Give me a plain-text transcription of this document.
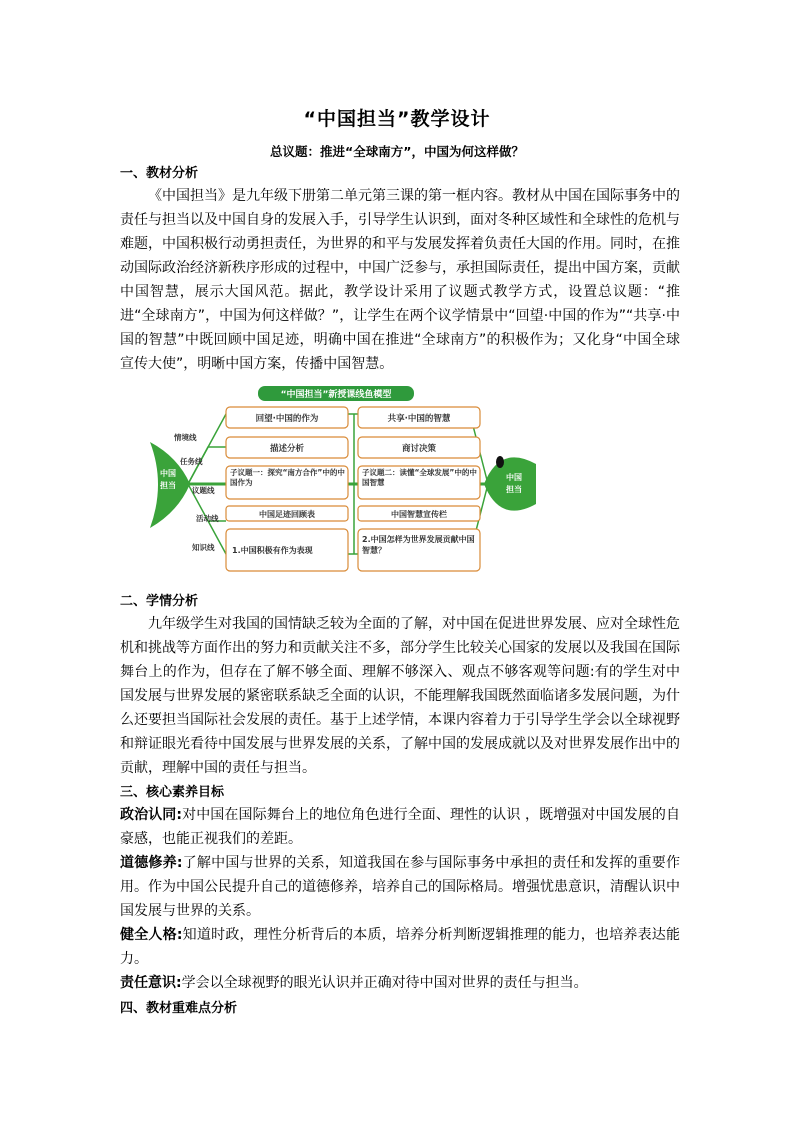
“中国担当”教学设计
总议题：推进“全球南方”，中国为何这样做？
一、教材分析
《中国担当》是九年级下册第二单元第三课的第一框内容。教材从中国在国际事务中的责任与担当以及中国自身的发展入手，引导学生认识到，面对冬种区域性和全球性的危机与难题，中国积极行动勇担责任，为世界的和平与发展发挥着负责任大国的作用。同时，在推动国际政治经济新秩序形成的过程中，中国广泛参与，承担国际责任，提出中国方案，贡献中国智慧，展示大国风范。据此，教学设计采用了议题式教学方式，设置总议题：“推进“全球南方”，中国为何这样做？”，让学生在两个议学情景中“回望·中国的作为”“共享·中国的智慧”中既回顾中国足迹，明确中国在推进“全球南方”的积极作为；又化身“中国全球宣传大使”，明晰中国方案，传播中国智慧。
“中国担当”新授课线鱼模型
中国
担当
中国
担当
情境线
任务线
议题线
活动线
知识线
回望·中国的作为
描述分析
子议题一：探究“南方合作”中的中国作为
中国足迹回顾表
1.中国积极有作为表现
共享·中国的智慧
商讨决策
子议题二：读懂“全球发展”中的中国智慧
中国智慧宣传栏
2.中国怎样为世界发展贡献中国智慧？
二、学情分析
九年级学生对我国的国情缺乏较为全面的了解，对中国在促进世界发展、应对全球性危机和挑战等方面作出的努力和贡献关注不多，部分学生比较关心国家的发展以及我国在国际舞台上的作为，但存在了解不够全面、理解不够深入、观点不够客观等问题:有的学生对中国发展与世界发展的紧密联系缺乏全面的认识，不能理解我国既然面临诸多发展问题，为什么还要担当国际社会发展的责任。基于上述学情，本课内容着力于引导学生学会以全球视野和辩证眼光看待中国发展与世界发展的关系，了解中国的发展成就以及对世界发展作出中的贡献，理解中国的责任与担当。
三、核心素养目标
政治认同:对中国在国际舞台上的地位角色进行全面、理性的认识 ，既增强对中国发展的自豪感，也能正视我们的差距。
道德修养:了解中国与世界的关系，知道我国在参与国际事务中承担的责任和发挥的重要作用。作为中国公民提升自己的道德修养，培养自己的国际格局。增强忧患意识，清醒认识中国发展与世界的关系。
健全人格:知道时政，理性分析背后的本质，培养分析判断逻辑推理的能力，也培养表达能力。
责任意识:学会以全球视野的眼光认识并正确对待中国对世界的责任与担当。
四、教材重难点分析
